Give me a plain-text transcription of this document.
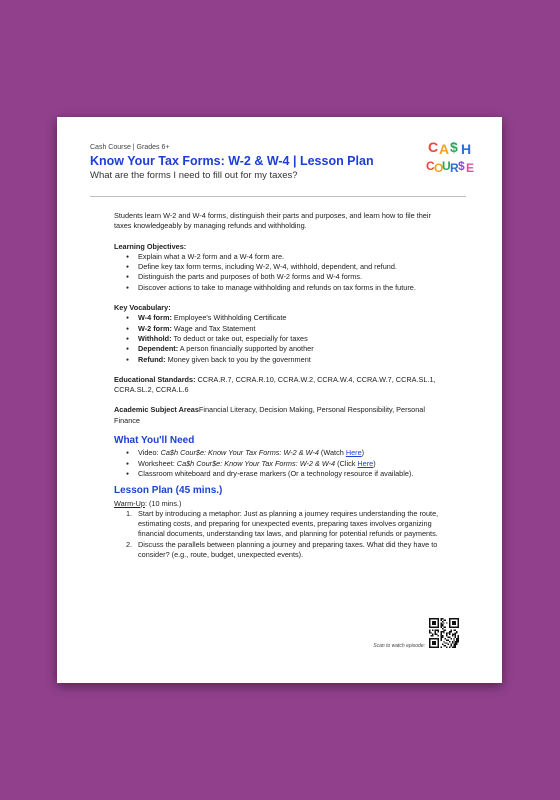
Cash Course | Grades 6+
Know Your Tax Forms: W-2 & W-4 | Lesson Plan
What are the forms I need to fill out for my taxes?
C A $ H
C O
U R $ E

Students learn W-2 and W-4 forms, distinguish their parts and purposes, and learn how to file their taxes knowledgeably by managing refunds and withholding.

Learning Objectives:

● Explain what a W-2 form and a W-4 form are.
● Define key tax form terms, including W-2, W-4, withhold, dependent, and refund.
● Distinguish the parts and purposes of both W-2 forms and W-4 forms.
● Discover actions to take to manage withholding and refunds on tax forms in the future.

Key Vocabulary:

● W-4 form: Employee's Withholding Certificate
● W-2 form: Wage and Tax Statement
● Withhold: To deduct or take out, especially for taxes
● Dependent: A person financially supported by another
● Refund: Money given back to you by the government

Educational Standards: CCRA.R.7, CCRA.R.10, CCRA.W.2, CCRA.W.4, CCRA.W.7, CCRA.SL.1, CCRA.SL.2, CCRA.L.6

Academic Subject AreasFinancial Literacy, Decision Making, Personal Responsibility, Personal Finance

What You'll Need
● Video: Ca$h Cour$e: Know Your Tax Forms: W-2 & W-4 (Watch Here)
● Worksheet: Ca$h Cour$e: Know Your Tax Forms: W-2 & W-4 (Click Here)
● Classroom whiteboard and dry-erase markers (Or a technology resource if available).
Lesson Plan (45 mins.)

Warm-Up: (10 mins.)

1. Start by introducing a metaphor: Just as planning a journey requires understanding the route, estimating costs, and preparing for unexpected events, preparing taxes involves organizing financial documents, understanding tax laws, and planning for potential refunds or payments.
2. Discuss the parallels between planning a journey and preparing taxes. What did they have to consider? (e.g., route, budget, unexpected events).
Scan to watch episode:
